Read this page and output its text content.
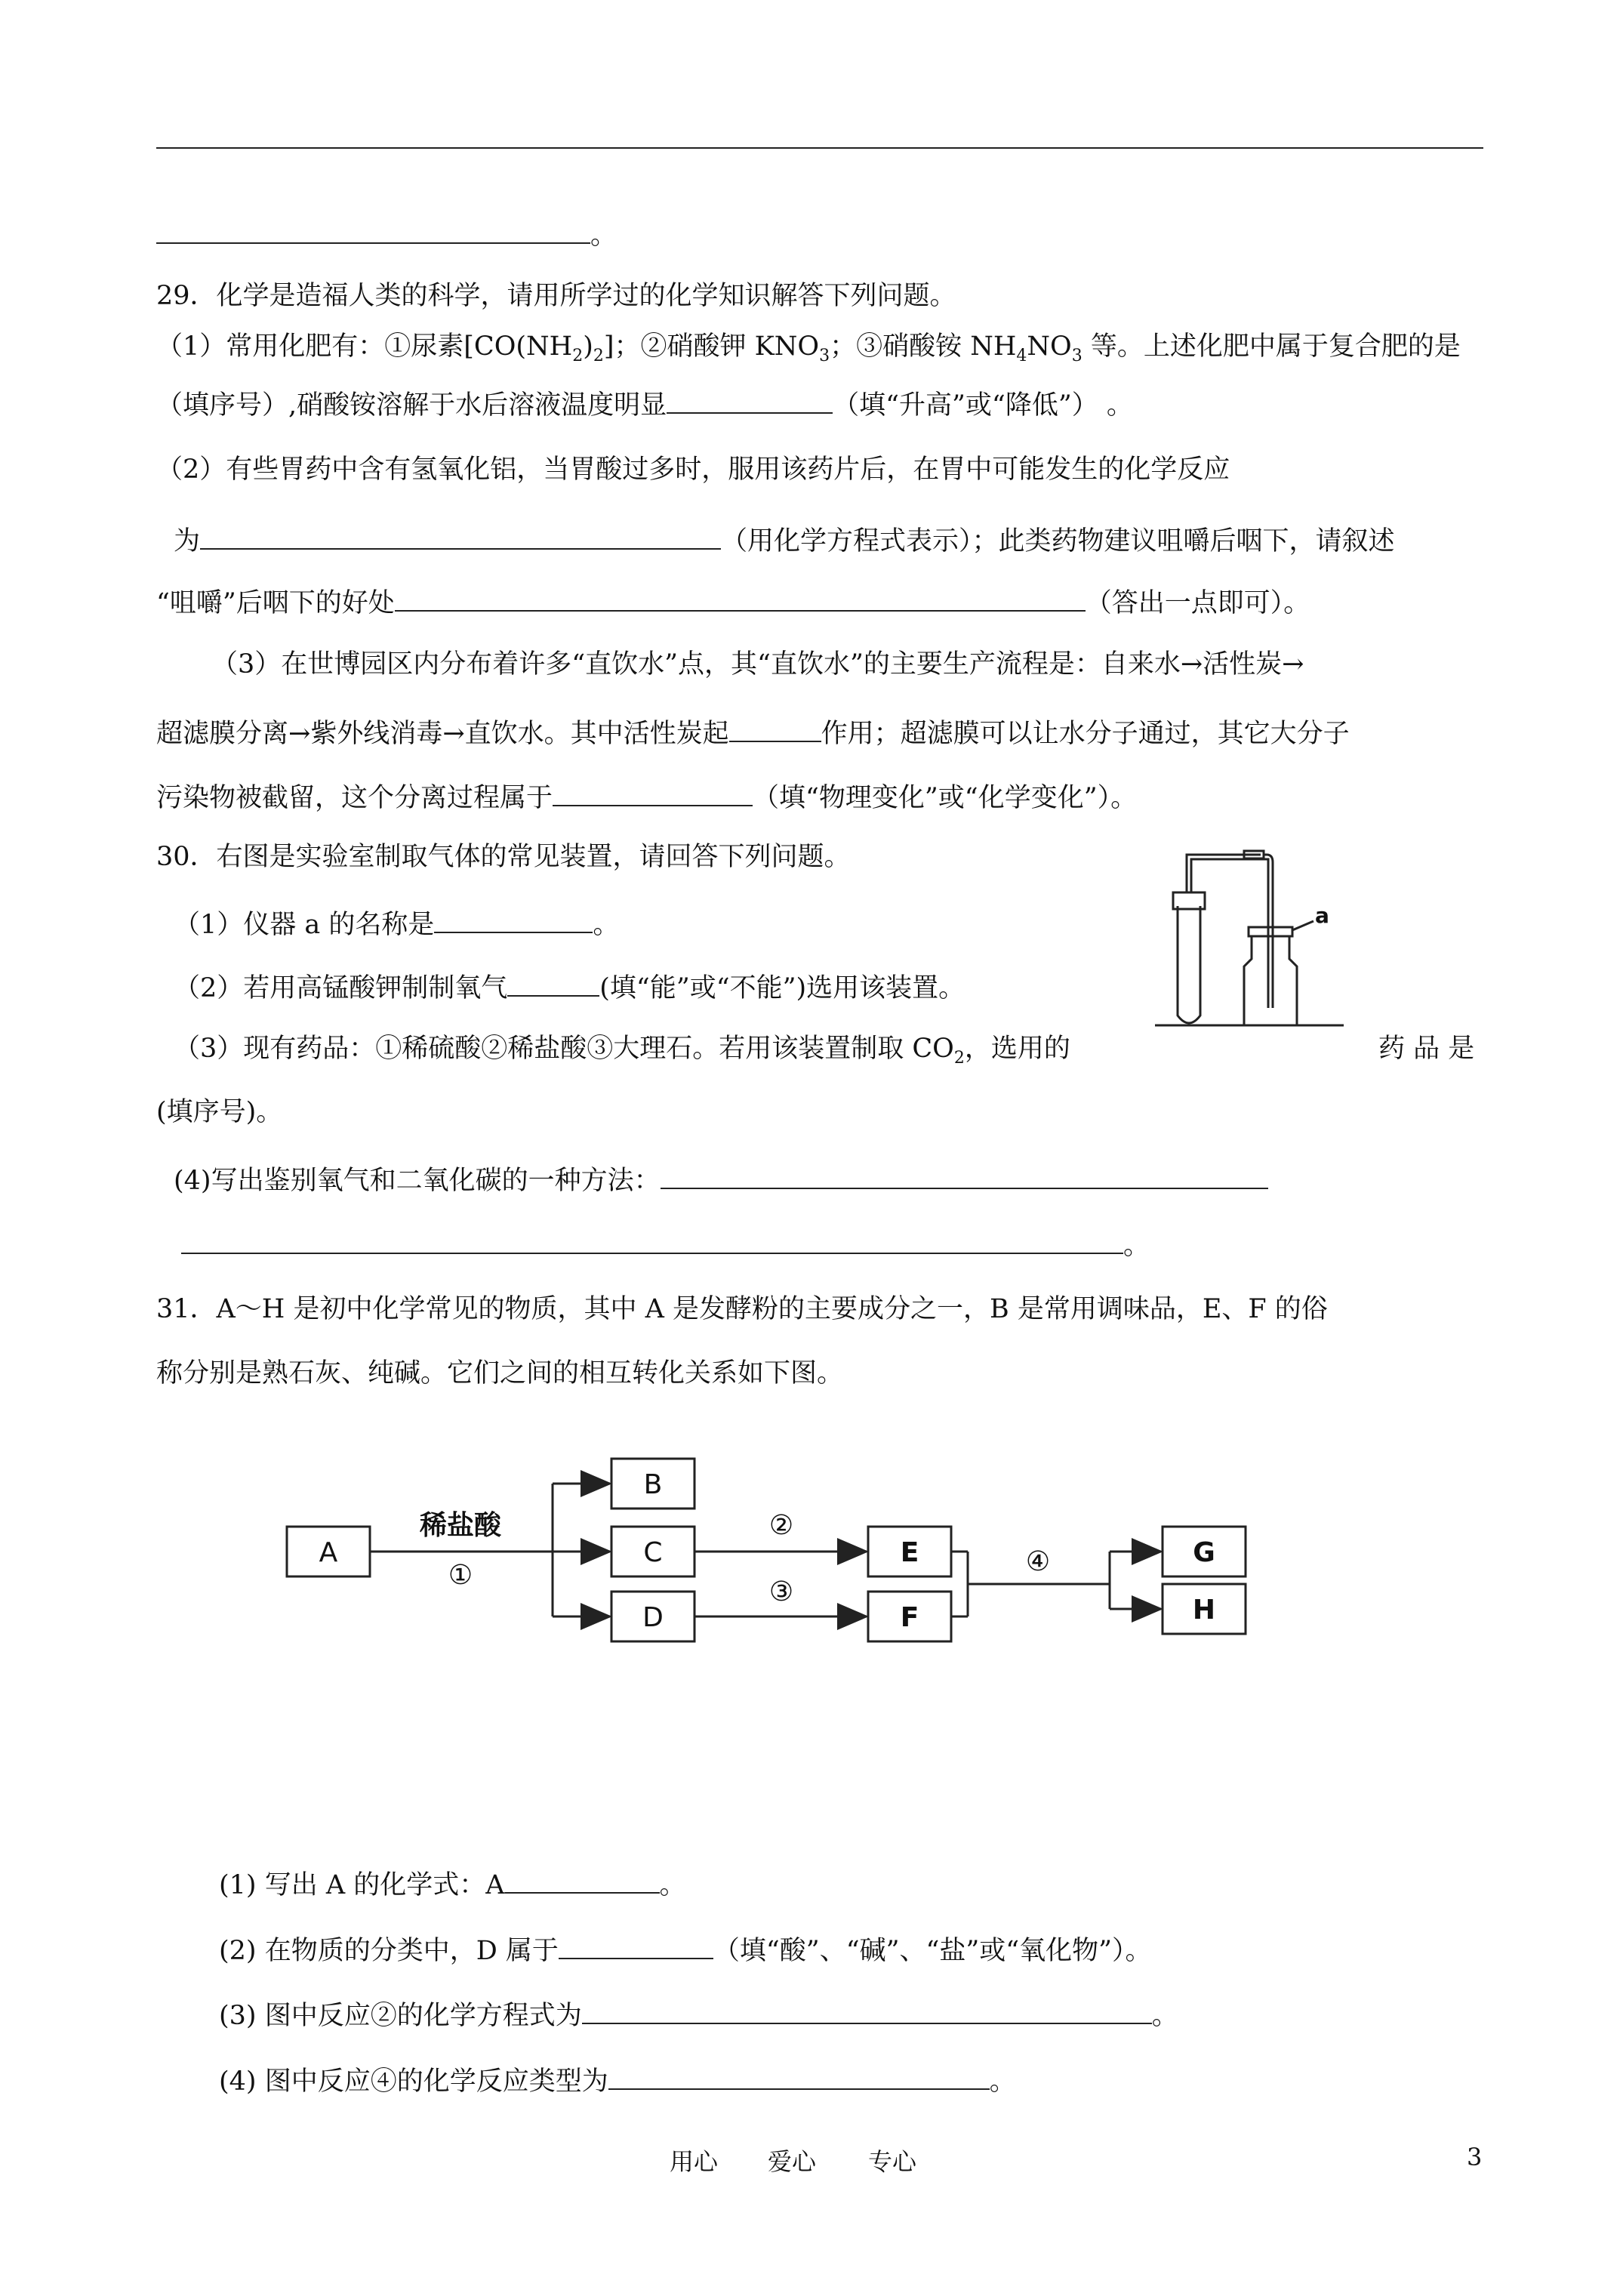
。
29．化学是造福人类的科学，请用所学过的化学知识解答下列问题。
（1）常用化肥有：①尿素$[CO(NH_2)_2]$；②硝酸钾 $KNO_3$；③硝酸铵 $NH_4NO_3$ 等。上述化肥中属于复合肥的是
（填序号）,硝酸铵溶解于水后溶液温度明显	（填“升高”或“降低”） 。
（2）有些胃药中含有氢氧化铝，当胃酸过多时，服用该药片后，在胃中可能发生的化学反应
为	（用化学方程式表示）；此类药物建议咀嚼后咽下，请叙述
“咀嚼”后咽下的好处	（答出一点即可）。
（3）在世博园区内分布着许多“直饮水”点，其“直饮水”的主要生产流程是：自来水→活性炭→
超滤膜分离→紫外线消毒→直饮水。其中活性炭起	作用；超滤膜可以让水分子通过，其它大分子
污染物被截留，这个分离过程属于	（填“物理变化”或“化学变化”）。
30．右图是实验室制取气体的常见装置，请回答下列问题。
（1）仪器 a 的名称是	。
（2）若用高锰酸钾制制氧气	(填“能”或“不能”)选用该装置。
（3）现有药品：①稀硫酸②稀盐酸③大理石。若用该装置制取 $CO_2$，选用的	药 品 是
(填序号)。
(4)写出鉴别氧气和二氧化碳的一种方法：
。
a
31．A～H 是初中化学常见的物质，其中 A 是发酵粉的主要成分之一，B 是常用调味品，E、F 的俗
称分别是熟石灰、纯碱。它们之间的相互转化关系如下图。
A
B
C
D
E
F
G
H
稀盐酸
①
②
③
④
(1) 写出 A 的化学式：A	。
(2) 在物质的分类中，D 属于	（填“酸”、“碱”、“盐”或“氧化物”）。
(3) 图中反应②的化学方程式为	。
(4) 图中反应④的化学反应类型为	。
用心 爱心 专心	3
